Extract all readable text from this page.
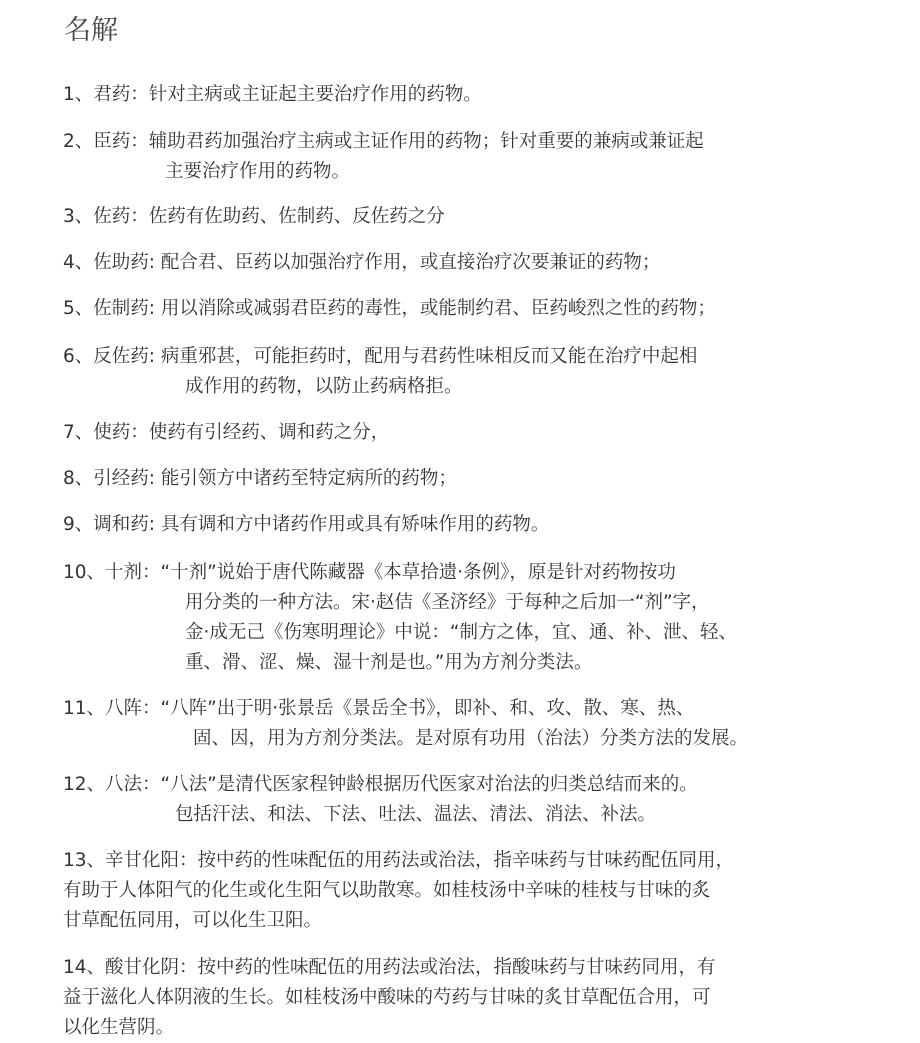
名解
1、君药：针对主病或主证起主要治疗作用的药物。
2、臣药：辅助君药加强治疗主病或主证作用的药物；针对重要的兼病或兼证起
主要治疗作用的药物。
3、佐药：佐药有佐助药、佐制药、反佐药之分
4、佐助药: 配合君、臣药以加强治疗作用，或直接治疗次要兼证的药物；
5、佐制药: 用以消除或减弱君臣药的毒性，或能制约君、臣药峻烈之性的药物；
6、反佐药: 病重邪甚，可能拒药时，配用与君药性味相反而又能在治疗中起相
成作用的药物，以防止药病格拒。
7、使药：使药有引经药、调和药之分，
8、引经药: 能引领方中诸药至特定病所的药物；
9、调和药: 具有调和方中诸药作用或具有矫味作用的药物。
10、十剂：“十剂”说始于唐代陈藏器《本草拾遗·条例》，原是针对药物按功
用分类的一种方法。宋·赵佶《圣济经》于每种之后加一“剂”字，
金·成无己《伤寒明理论》中说：“制方之体，宜、通、补、泄、轻、
重、滑、涩、燥、湿十剂是也。”用为方剂分类法。
11、八阵：“八阵”出于明·张景岳《景岳全书》，即补、和、攻、散、寒、热、
固、因，用为方剂分类法。是对原有功用（治法）分类方法的发展。
12、八法：“八法”是清代医家程钟龄根据历代医家对治法的归类总结而来的。
包括汗法、和法、下法、吐法、温法、清法、消法、补法。
13、辛甘化阳：按中药的性味配伍的用药法或治法，指辛味药与甘味药配伍同用，
有助于人体阳气的化生或化生阳气以助散寒。如桂枝汤中辛味的桂枝与甘味的炙
甘草配伍同用，可以化生卫阳。
14、酸甘化阴：按中药的性味配伍的用药法或治法，指酸味药与甘味药同用，有
益于滋化人体阴液的生长。如桂枝汤中酸味的芍药与甘味的炙甘草配伍合用，可
以化生营阴。
